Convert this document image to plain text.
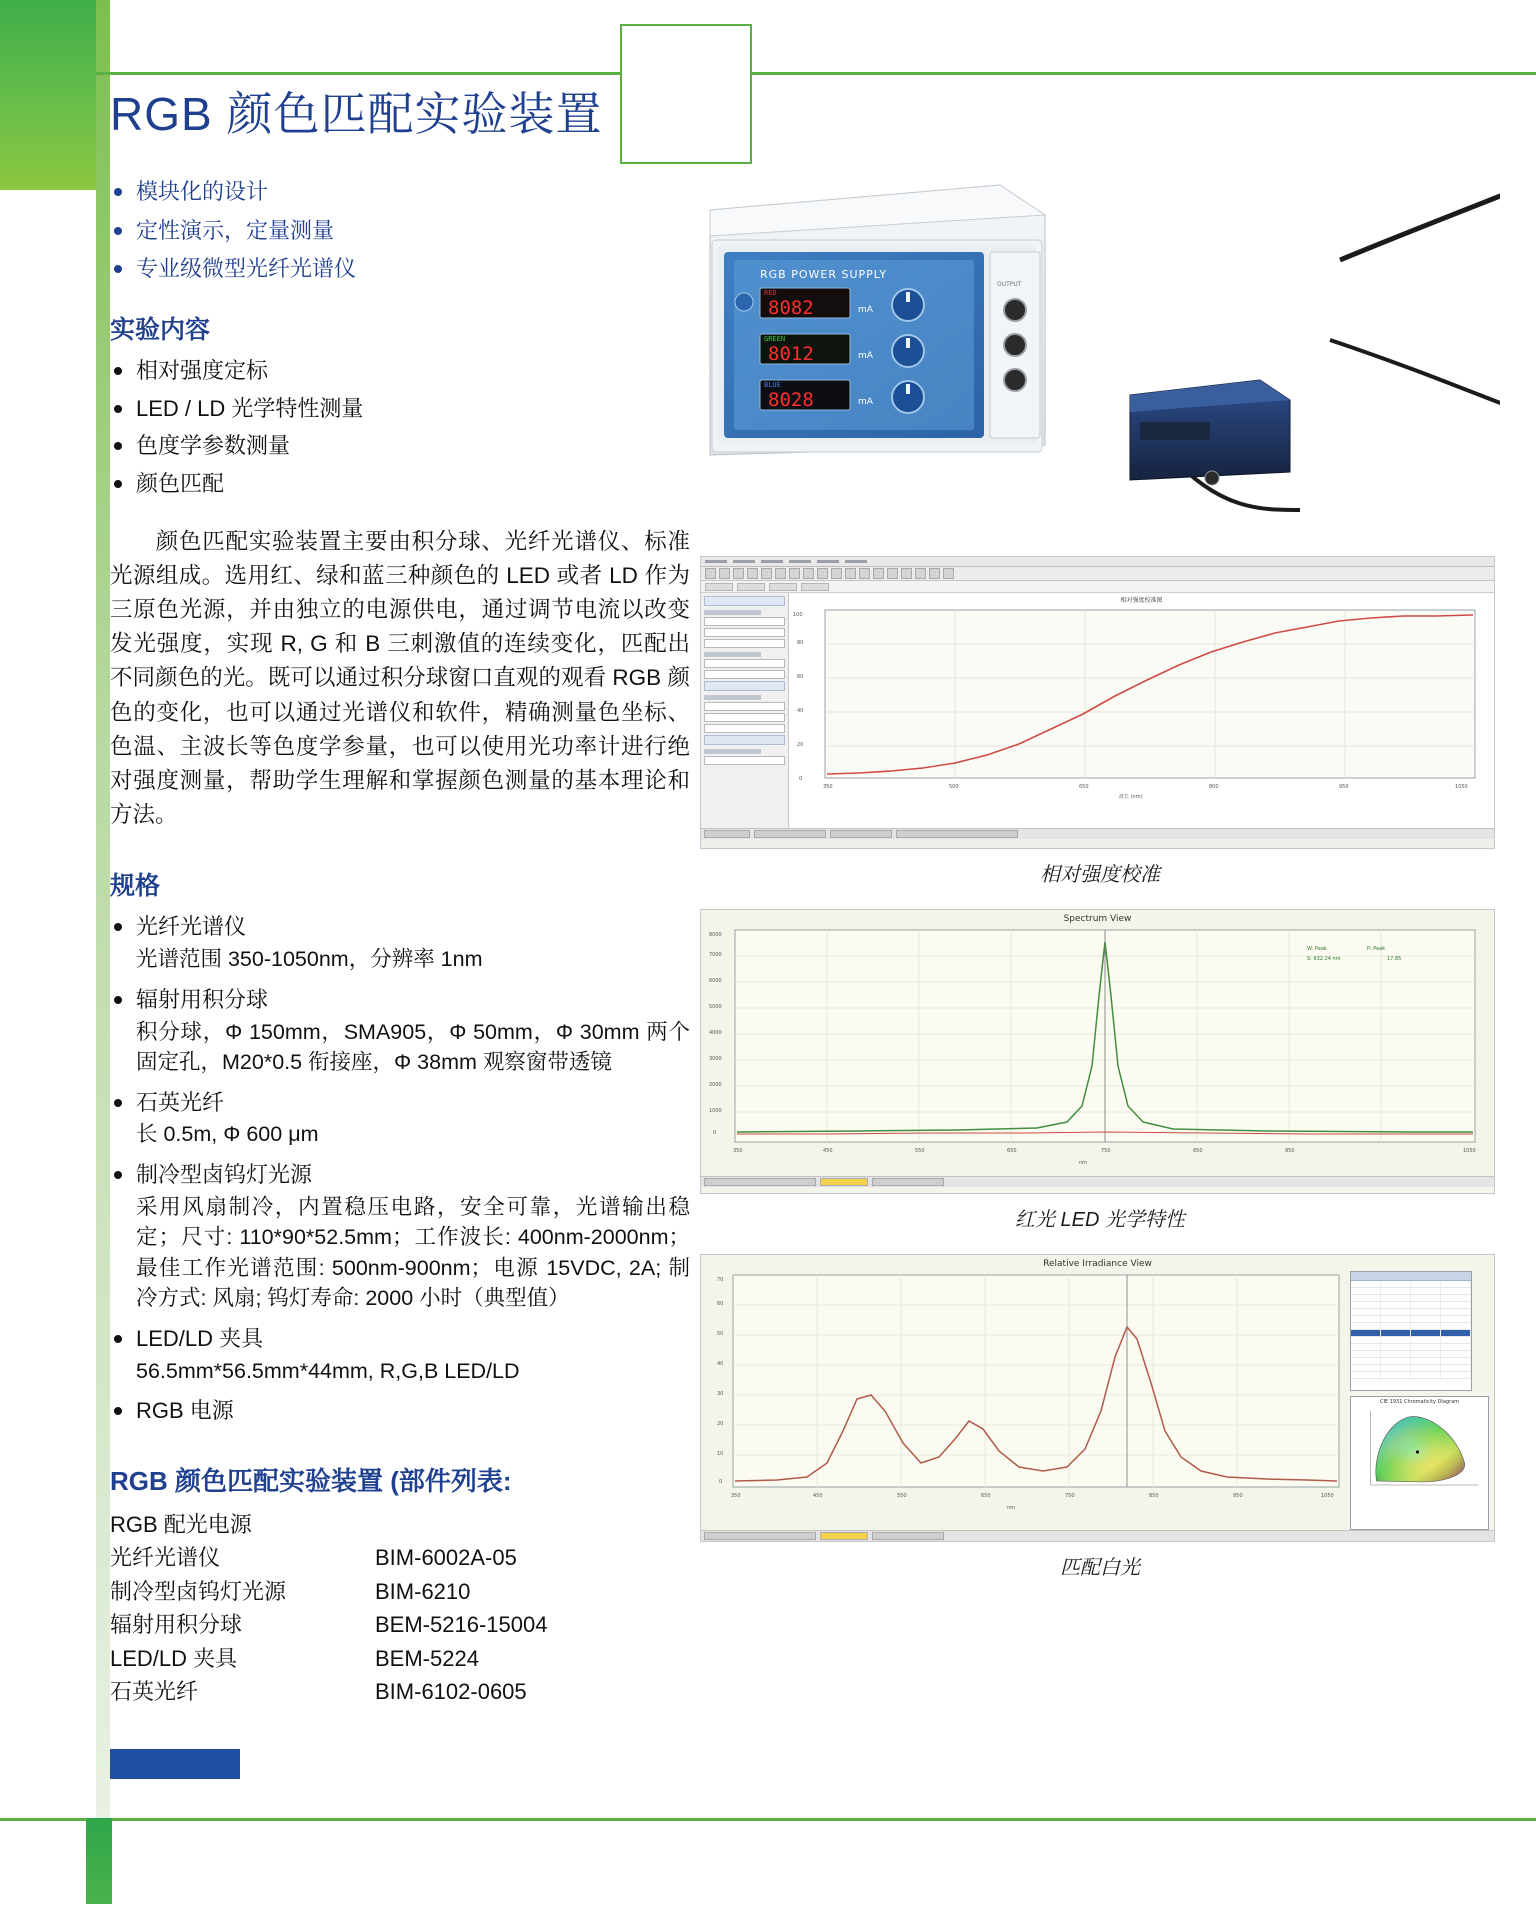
RGB 颜色匹配实验装置
模块化的设计
定性演示，定量测量
专业级微型光纤光谱仪
实验内容
相对强度定标
LED / LD 光学特性测量
色度学参数测量
颜色匹配

颜色匹配实验装置主要由积分球、光纤光谱仪、标准光源组成。选用红、绿和蓝三种颜色的 LED 或者 LD 作为三原色光源，并由独立的电源供电，通过调节电流以改变发光强度，实现 R, G 和 B 三刺激值的连续变化，匹配出不同颜色的光。既可以通过积分球窗口直观的观看 RGB 颜色的变化，也可以通过光谱仪和软件，精确测量色坐标、色温、主波长等色度学参量，也可以使用光功率计进行绝对强度测量，帮助学生理解和掌握颜色测量的基本理论和方法。

规格
光纤光谱仪
光谱范围 350-1050nm，分辨率 1nm
辐射用积分球
积分球，Φ 150mm，SMA905，Φ 50mm，Φ 30mm 两个固定孔，M20*0.5 衔接座，Φ 38mm 观察窗带透镜
石英光纤
长 0.5m, Φ 600 μm
制冷型卤钨灯光源
采用风扇制冷，内置稳压电路，安全可靠，光谱输出稳定；尺寸: 110*90*52.5mm；工作波长: 400nm-2000nm；最佳工作光谱范围: 500nm-900nm；电源 15VDC, 2A; 制冷方式: 风扇; 钨灯寿命: 2000 小时（典型值）
LED/LD 夹具
56.5mm*56.5mm*44mm, R,G,B LED/LD
RGB 电源
RGB 颜色匹配实验装置 (部件列表:
RGB 配光电源	
光纤光谱仪	BIM-6002A-05
制冷型卤钨灯光源	BIM-6210
辐射用积分球	BEM-5216-15004
LED/LD 夹具	BEM-5224
石英光纤	BIM-6102-0605
RGB POWER SUPPLY
RED
8082	mA
GREEN
8012	mA
BLUE
8028	mA
OUTPUT
相对强度校准图
0
20
40
60
80
100
350	500	650	800	950	1050
波长 (nm)
相对强度校准
Spectrum View
0
1000
2000
3000
4000
5000
6000
7000
8000
350	450	550	650	750	850	950	1050
nm
W: Peak	P: Peak
S: 632.24 nm	17.85
红光 LED 光学特性
Relative Irradiance View
0
10
20
30
40
50
60
70
350	450	550	650	750	850	950	1050
nm
CIE 1931 Chromaticity Diagram
匹配白光
